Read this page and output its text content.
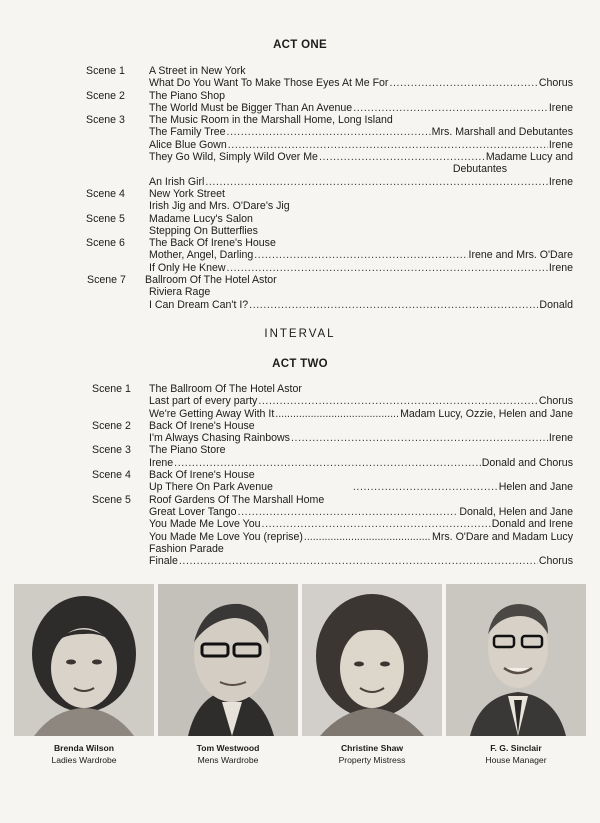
ACT ONE
Scene 1 A Street in New York
What Do You Want To Make Those Eyes At Me For .....	Chorus
Scene 2 The Piano Shop
The World Must be Bigger Than An Avenue .....	Irene
Scene 3 The Music Room in the Marshall Home, Long Island
The Family Tree .....	Mrs. Marshall and Debutantes
Alice Blue Gown .....	Irene
They Go Wild, Simply Wild Over Me .....	Madame Lucy and
Debutantes
An Irish Girl .....	Irene
Scene 4 New York Street
Irish Jig and Mrs. O'Dare's Jig
Scene 5 Madame Lucy's Salon
Stepping On Butterflies
Scene 6 The Back Of Irene's House
Mother, Angel, Darling .....	Irene and Mrs. O'Dare
If Only He Knew .....	Irene
Scene 7 Ballroom Of The Hotel Astor
Riviera Rage
I Can Dream Can't I? .....	Donald
INTERVAL
ACT TWO
Scene 1 The Ballroom Of The Hotel Astor
Last part of every party .....	Chorus
We're Getting Away With It .....	Madam Lucy, Ozzie, Helen and Jane
Scene 2 Back Of Irene's House
I'm Always Chasing Rainbows .....	Irene
Scene 3 The Piano Store
Irene .....	Donald and Chorus
Scene 4 Back Of Irene's House
Up There On Park Avenue .....	Helen and Jane
Scene 5 Roof Gardens Of The Marshall Home
Great Lover Tango .....	Donald, Helen and Jane
You Made Me Love You .....	Donald and Irene
You Made Me Love You (reprise) .....	Mrs. O'Dare and Madam Lucy
Fashion Parade
Finale .....	Chorus
Brenda Wilson
Ladies Wardrobe
Tom Westwood
Mens Wardrobe
Christine Shaw
Property Mistress
F. G. Sinclair
House Manager
